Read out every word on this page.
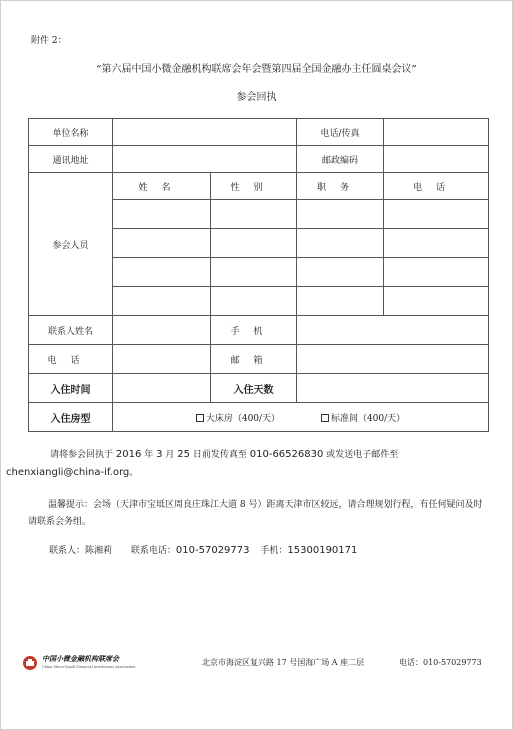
附件 2：
“第六届中国小微金融机构联席会年会暨第四届全国金融办主任圆桌会议”
参会回执
单位名称			电话/传真	
通讯地址			邮政编码	
参会人员	姓名	性别	职务	电话

联系人姓名		手机		
电话		邮箱		
入住时间		入住天数		
入住房型	大床房（400/天） 标准间（400/天）			
请将参会回执于 2016 年 3 月 25 日前发传真至 010-66526830 或发送电子邮件至
chenxiangli@china-if.org。
温馨提示：会场（天津市宝坻区周良庄珠江大道 8 号）距离天津市区较远，请合理规划行程，有任何疑问及时请联系会务组。
联系人：陈湘莉 联系电话：010-57029773 手机：15300190171
中国小微金融机构联席会
China Micro-Small Financial Institutions Association	北京市海淀区复兴路 17 号国海广场 A 座二层	电话：010-57029773
